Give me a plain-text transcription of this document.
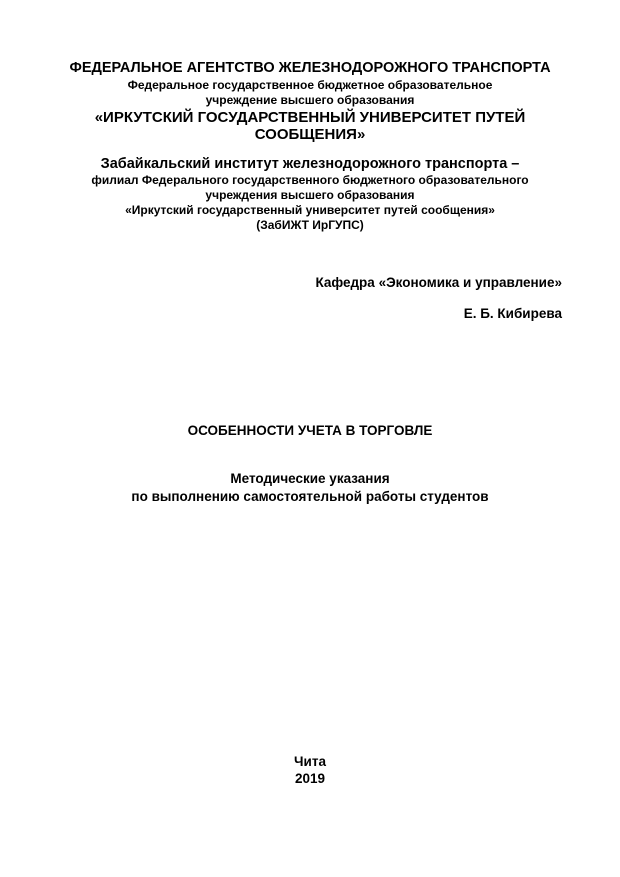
ФЕДЕРАЛЬНОЕ АГЕНТСТВО ЖЕЛЕЗНОДОРОЖНОГО ТРАНСПОРТА
Федеральное государственное бюджетное образовательное
учреждение высшего образования
«ИРКУТСКИЙ ГОСУДАРСТВЕННЫЙ УНИВЕРСИТЕТ ПУТЕЙ
СООБЩЕНИЯ»
Забайкальский институт железнодорожного транспорта –
филиал Федерального государственного бюджетного образовательного
учреждения высшего образования
«Иркутский государственный университет путей сообщения»
(ЗабИЖТ ИрГУПС)
Кафедра «Экономика и управление»
Е. Б. Кибирева
ОСОБЕННОСТИ УЧЕТА В ТОРГОВЛЕ
Методические указания
по выполнению самостоятельной работы студентов
Чита
2019
